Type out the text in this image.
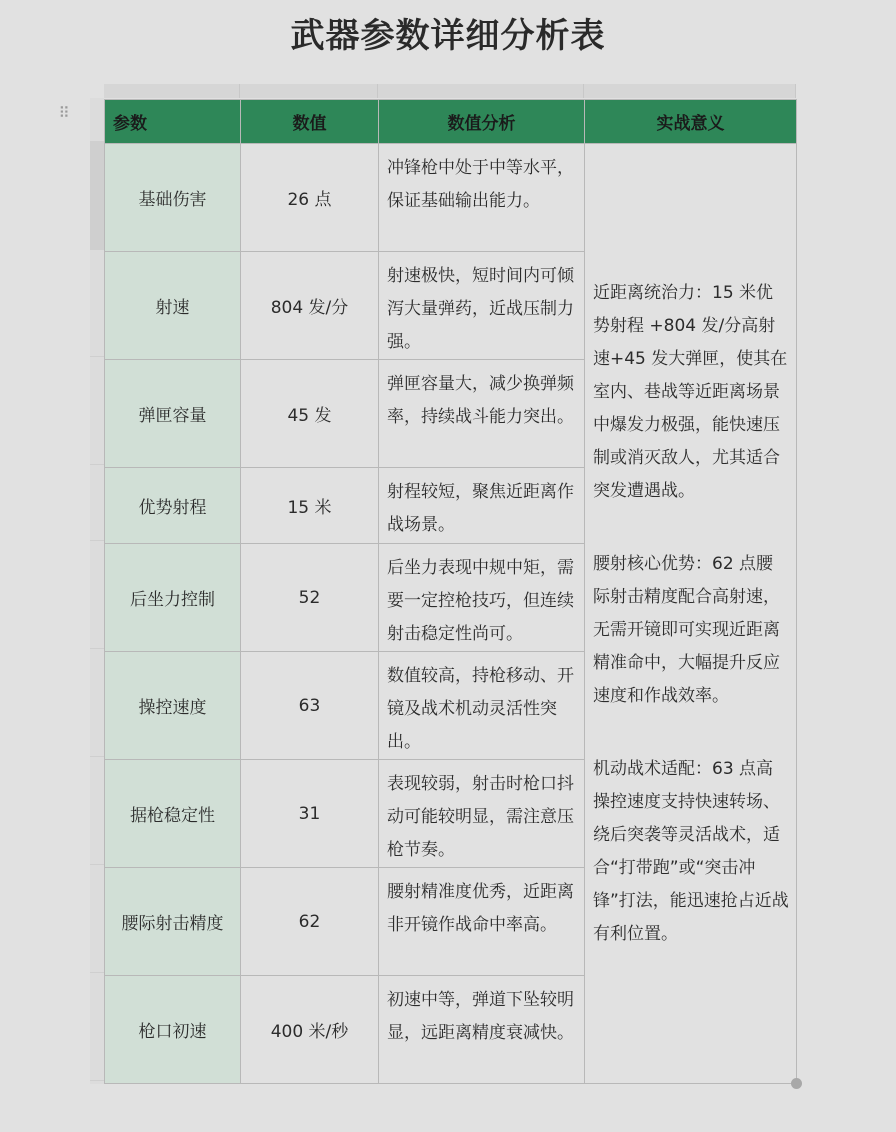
武器参数详细分析表
⠿
参数	数值	数值分析	实战意义
基础伤害	26 点	冲锋枪中处于中等水平，保证基础输出能力。	近距离统治力：15 米优势射程 +804 发/分高射速+45 发大弹匣，使其在室内、巷战等近距离场景中爆发力极强，能快速压制或消灭敌人，尤其适合突发遭遇战。

腰射核心优势：62 点腰际射击精度配合高射速，无需开镜即可实现近距离精准命中，大幅提升反应速度和作战效率。

机动战术适配：63 点高操控速度支持快速转场、绕后突袭等灵活战术，适合“打带跑”或“突击冲锋”打法，能迅速抢占近战有利位置。

射速	804 发/分	射速极快，短时间内可倾泻大量弹药，近战压制力强。	
弹匣容量	45 发	弹匣容量大，减少换弹频率，持续战斗能力突出。	
优势射程	15 米	射程较短，聚焦近距离作战场景。	
后坐力控制	52	后坐力表现中规中矩，需要一定控枪技巧，但连续射击稳定性尚可。	
操控速度	63	数值较高，持枪移动、开镜及战术机动灵活性突出。	
据枪稳定性	31	表现较弱，射击时枪口抖动可能较明显，需注意压枪节奏。	
腰际射击精度	62	腰射精准度优秀，近距离非开镜作战命中率高。	
枪口初速	400 米/秒	初速中等，弹道下坠较明显，远距离精度衰减快。	
